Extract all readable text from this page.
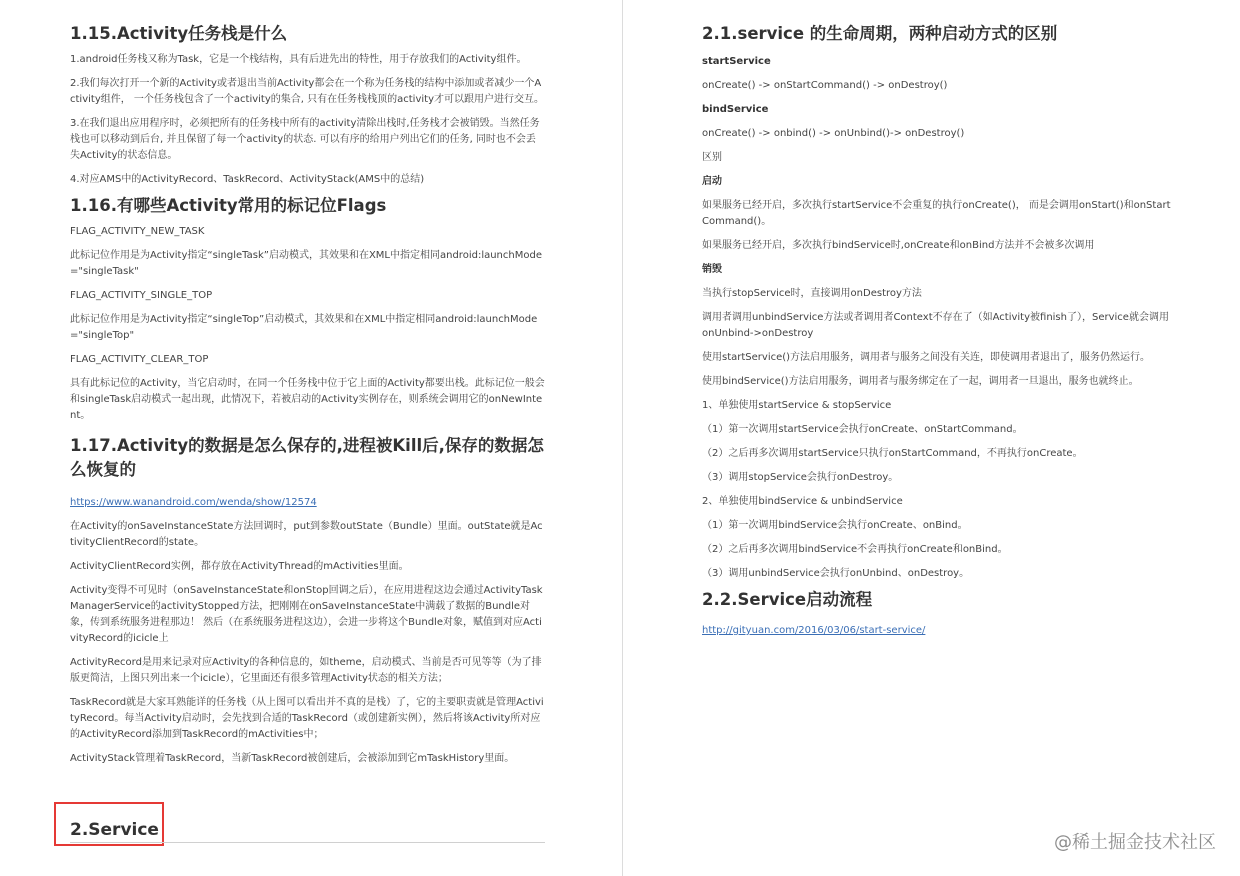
1.15.Activity任务栈是什么

1.android任务栈又称为Task，它是一个栈结构，具有后进先出的特性，用于存放我们的Activity组件。

2.我们每次打开一个新的Activity或者退出当前Activity都会在一个称为任务栈的结构中添加或者减少一个Activity组件， 一个任务栈包含了一个activity的集合, 只有在任务栈栈顶的activity才可以跟用户进行交互。

3.在我们退出应用程序时，必须把所有的任务栈中所有的activity清除出栈时,任务栈才会被销毁。当然任务栈也可以移动到后台, 并且保留了每一个activity的状态. 可以有序的给用户列出它们的任务, 同时也不会丢失Activity的状态信息。

4.对应AMS中的ActivityRecord、TaskRecord、ActivityStack(AMS中的总结)

1.16.有哪些Activity常用的标记位Flags

FLAG_ACTIVITY_NEW_TASK

此标记位作用是为Activity指定“singleTask”启动模式，其效果和在XML中指定相同android:launchMode="singleTask"

FLAG_ACTIVITY_SINGLE_TOP

此标记位作用是为Activity指定“singleTop”启动模式，其效果和在XML中指定相同android:launchMode="singleTop"

FLAG_ACTIVITY_CLEAR_TOP

具有此标记位的Activity，当它启动时，在同一个任务栈中位于它上面的Activity都要出栈。此标记位一般会和singleTask启动模式一起出现，此情况下，若被启动的Activity实例存在，则系统会调用它的onNewIntent。

1.17.Activity的数据是怎么保存的,进程被Kill后,保存的数据怎么恢复的
https://www.wanandroid.com/wenda/show/12574

在Activity的onSaveInstanceState方法回调时，put到参数outState（Bundle）里面。outState就是ActivityClientRecord的state。

ActivityClientRecord实例，都存放在ActivityThread的mActivities里面。

Activity变得不可见时（onSaveInstanceState和onStop回调之后），在应用进程这边会通过ActivityTaskManagerService的activityStopped方法，把刚刚在onSaveInstanceState中满载了数据的Bundle对象，传到系统服务进程那边！ 然后（在系统服务进程这边），会进一步将这个Bundle对象，赋值到对应ActivityRecord的icicle上

ActivityRecord是用来记录对应Activity的各种信息的，如theme，启动模式、当前是否可见等等（为了排版更简洁，上图只列出来一个icicle），它里面还有很多管理Activity状态的相关方法；

TaskRecord就是大家耳熟能详的任务栈（从上图可以看出并不真的是栈）了，它的主要职责就是管理ActivityRecord。每当Activity启动时，会先找到合适的TaskRecord（或创建新实例），然后将该Activity所对应的ActivityRecord添加到TaskRecord的mActivities中；

ActivityStack管理着TaskRecord，当新TaskRecord被创建后，会被添加到它mTaskHistory里面。

2.Service
2.1.service 的生命周期，两种启动方式的区别

startService

onCreate() -> onStartCommand() -> onDestroy()

bindService

onCreate() -> onbind() -> onUnbind()-> onDestroy()

区别

启动

如果服务已经开启，多次执行startService不会重复的执行onCreate()， 而是会调用onStart()和onStartCommand()。

如果服务已经开启，多次执行bindService时,onCreate和onBind方法并不会被多次调用

销毁

当执行stopService时，直接调用onDestroy方法

调用者调用unbindService方法或者调用者Context不存在了（如Activity被finish了），Service就会调用onUnbind->onDestroy

使用startService()方法启用服务，调用者与服务之间没有关连，即使调用者退出了，服务仍然运行。

使用bindService()方法启用服务，调用者与服务绑定在了一起，调用者一旦退出，服务也就终止。

1、单独使用startService & stopService

（1）第一次调用startService会执行onCreate、onStartCommand。

（2）之后再多次调用startService只执行onStartCommand，不再执行onCreate。

（3）调用stopService会执行onDestroy。

2、单独使用bindService & unbindService

（1）第一次调用bindService会执行onCreate、onBind。

（2）之后再多次调用bindService不会再执行onCreate和onBind。

（3）调用unbindService会执行onUnbind、onDestroy。

2.2.Service启动流程
http://gityuan.com/2016/03/06/start-service/
@稀土掘金技术社区
